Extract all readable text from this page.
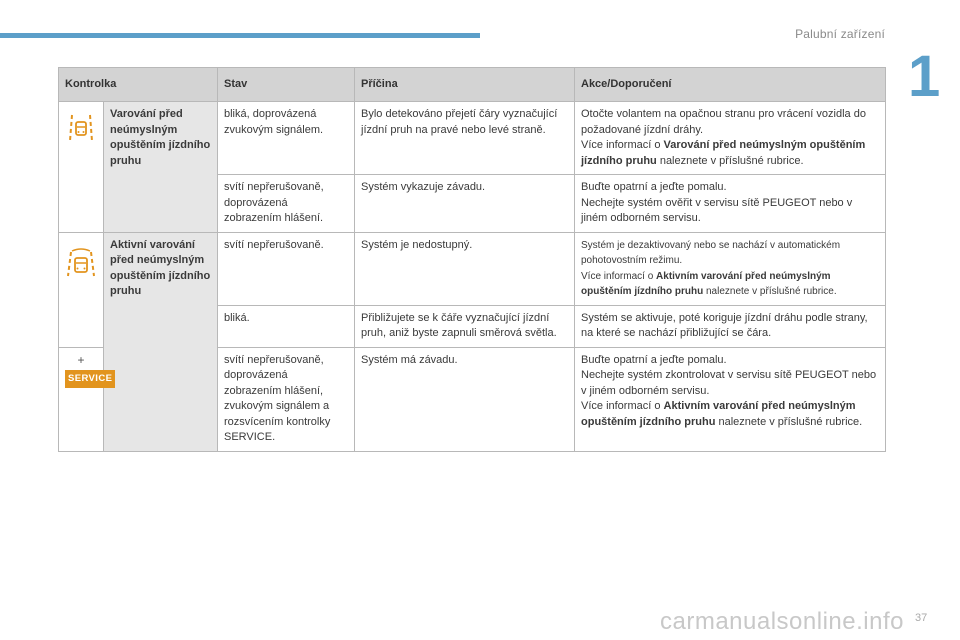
Palubní zařízení
1
Kontrolka		Stav	Příčina	Akce/Doporučení

	Varování před neúmyslným opuštěním jízdního pruhu	bliká, doprovázená zvukovým signálem.	Bylo detekováno přejetí čáry vyznačující jízdní pruh na pravé nebo levé straně.	Otočte volantem na opačnou stranu pro vrácení vozidla do požadované jízdní dráhy.
Více informací o Varování před neúmyslným opuštěním jízdního pruhu naleznete v příslušné rubrice.
		svítí nepřerušovaně, doprovázená zobrazením hlášení.	Systém vykazuje závadu.	Buďte opatrní a jeďte pomalu.
Nechejte systém ověřit v servisu sítě PEUGEOT nebo v jiném odborném servisu.

	Aktivní varování před neúmyslným opuštěním jízdního pruhu	svítí nepřerušovaně.	Systém je nedostupný.	Systém je dezaktivovaný nebo se nachází v automatickém pohotovostním režimu.
Více informací o Aktivním varování před neúmyslným opuštěním jízdního pruhu naleznete v příslušné rubrice.
		bliká.	Přibližujete se k čáře vyznačující jízdní pruh, aniž byste zapnuli směrová světla.	Systém se aktivuje, poté koriguje jízdní dráhu podle strany, na které se nachází přibližující se čára.

+
SERVICE		svítí nepřerušovaně, doprovázená zobrazením hlášení, zvukovým signálem a rozsvícením kontrolky SERVICE.	Systém má závadu.	Buďte opatrní a jeďte pomalu.
Nechejte systém zkontrolovat v servisu sítě PEUGEOT nebo v jiném odborném servisu.
Více informací o Aktivním varování před neúmyslným opuštěním jízdního pruhu naleznete v příslušné rubrice.
carmanualsonline.info 37
